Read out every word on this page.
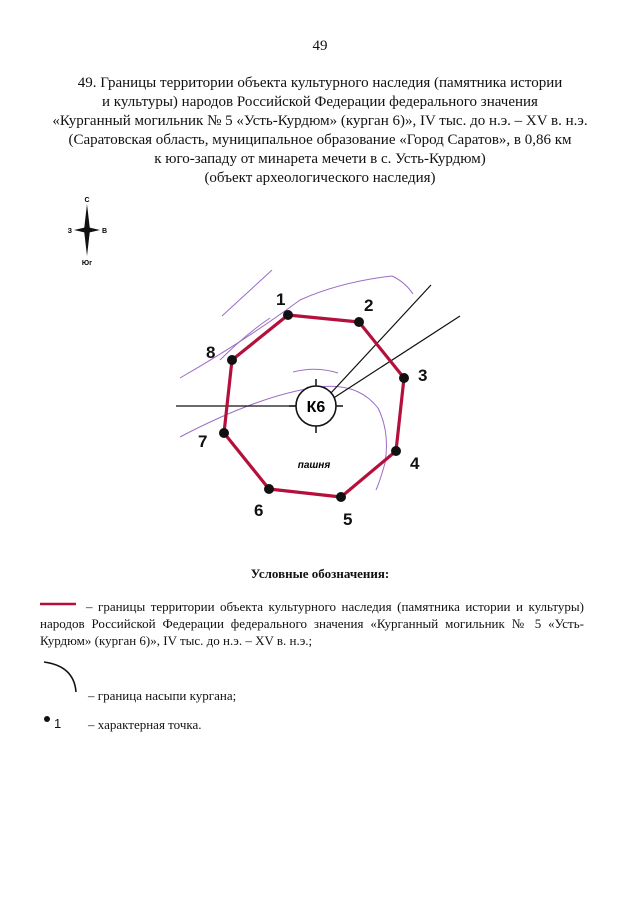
49
49. Границы территории объекта культурного наследия (памятника истории
и культуры) народов Российской Федерации федерального значения
«Курганный могильник № 5 «Усть-Курдюм» (курган 6)», IV тыс. до н.э. – XV в. н.э.
(Саратовская область, муниципальное образование «Город Саратов», в 0,86 км
к юго-западу от минарета мечети в с. Усть-Курдюм)
(объект археологического наследия)
С
Юг
З	В
К6
пашня
1	2
3
4
5
6
7
8
Условные обозначения:
– границы территории объекта культурного наследия (памятника истории и культуры) народов Российской Федерации федерального значения «Курганный могильник № 5 «Усть-Курдюм» (курган 6)», IV тыс. до н.э. – XV в. н.э.;
– граница насыпи кургана;
1 – характерная точка.
